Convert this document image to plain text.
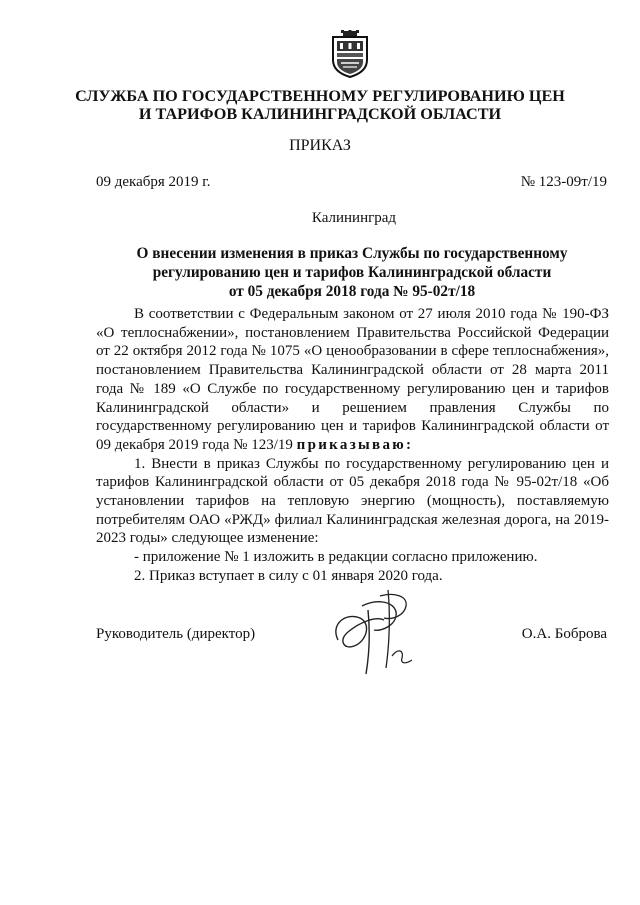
СЛУЖБА ПО ГОСУДАРСТВЕННОМУ РЕГУЛИРОВАНИЮ ЦЕН
И ТАРИФОВ КАЛИНИНГРАДСКОЙ ОБЛАСТИ
ПРИКАЗ
09 декабря 2019 г.	№ 123-09т/19
Калининград
О внесении изменения в приказ Службы по государственному
регулированию цен и тарифов Калининградской области
от 05 декабря 2018 года № 95-02т/18

В соответствии с Федеральным законом от 27 июля 2010 года № 190-ФЗ «О теплоснабжении», постановлением Правительства Российской Федерации от 22 октября 2012 года № 1075 «О ценообразовании в сфере теплоснабжения», постановлением Правительства Калининградской области от 28 марта 2011 года № 189 «О Службе по государственному регулированию цен и тарифов Калининградской области» и решением правления Службы по государственному регулированию цен и тарифов Калининградской области от 09 декабря 2019 года № 123/19 приказываю:

1. Внести в приказ Службы по государственному регулированию цен и тарифов Калининградской области от 05 декабря 2018 года № 95-02т/18 «Об установлении тарифов на тепловую энергию (мощность), поставляемую потребителям ОАО «РЖД» филиал Калининградская железная дорога, на 2019-2023 годы» следующее изменение:

- приложение № 1 изложить в редакции согласно приложению.

2. Приказ вступает в силу с 01 января 2020 года.

Руководитель (директор)	О.А. Боброва
